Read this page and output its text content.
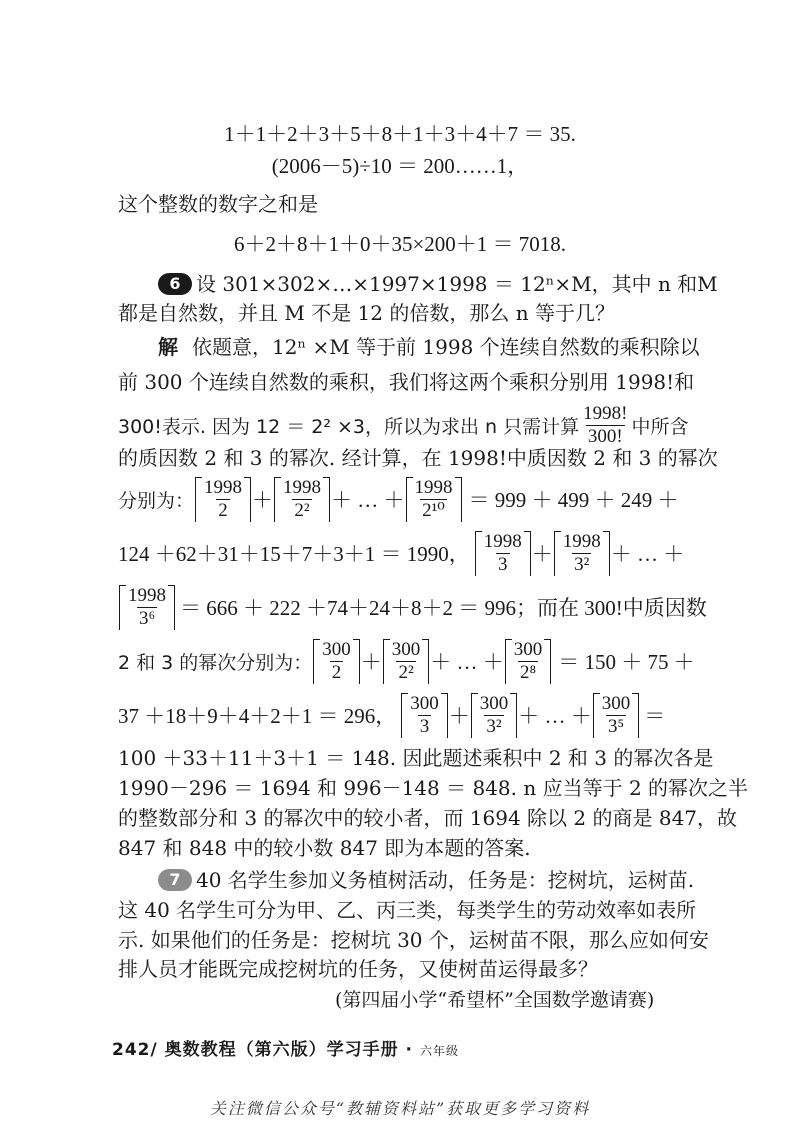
1＋1＋2＋3＋5＋8＋1＋3＋4＋7 ＝ 35.
(2006－5)÷10 ＝ 200……1，
这个整数的数字之和是
6＋2＋8＋1＋0＋35×200＋1 ＝ 7018.
6 设 301×302×…×1997×1998 ＝ 12ⁿ×M，其中 n 和M
都是自然数，并且 M 不是 12 的倍数，那么 n 等于几？
解 依题意，12ⁿ ×M 等于前 1998 个连续自然数的乘积除以
前 300 个连续自然数的乘积，我们将这两个乘积分别用 1998!和
300!表示. 因为 12 ＝ 2² ×3，所以为求出 n 只需计算
1998!
300! 中所含
的质因数 2 和 3 的幂次. 经计算，在 1998!中质因数 2 和 3 的幂次
分别为：
1998
2 ＋
1998
2² ＋ … ＋
1998
2¹⁰ ＝ 999 ＋ 499 ＋ 249 ＋
124 ＋62＋31＋15＋7＋3＋1 ＝ 1990，
1998
3 ＋
1998
3² ＋ … ＋
1998
3⁶ ＝ 666 ＋ 222 ＋74＋24＋8＋2 ＝ 996；而在 300!中质因数
2 和 3 的幂次分别为：
300
2 ＋
300
2² ＋ … ＋
300
2⁸ ＝ 150 ＋ 75 ＋
37 ＋18＋9＋4＋2＋1 ＝ 296，
300
3 ＋
300
3² ＋ … ＋
300
3⁵ ＝
100 ＋33＋11＋3＋1 ＝ 148. 因此题述乘积中 2 和 3 的幂次各是
1990－296 ＝ 1694 和 996－148 ＝ 848. n 应当等于 2 的幂次之半
的整数部分和 3 的幂次中的较小者，而 1694 除以 2 的商是 847，故
847 和 848 中的较小数 847 即为本题的答案.
7 40 名学生参加义务植树活动，任务是：挖树坑，运树苗.
这 40 名学生可分为甲、乙、丙三类，每类学生的劳动效率如表所
示. 如果他们的任务是：挖树坑 30 个，运树苗不限，那么应如何安
排人员才能既完成挖树坑的任务，又使树苗运得最多？
(第四届小学“希望杯”全国数学邀请赛)
242/ 奥数教程（第六版）学习手册 · 六年级
关注微信公众号“教辅资料站”获取更多学习资料
